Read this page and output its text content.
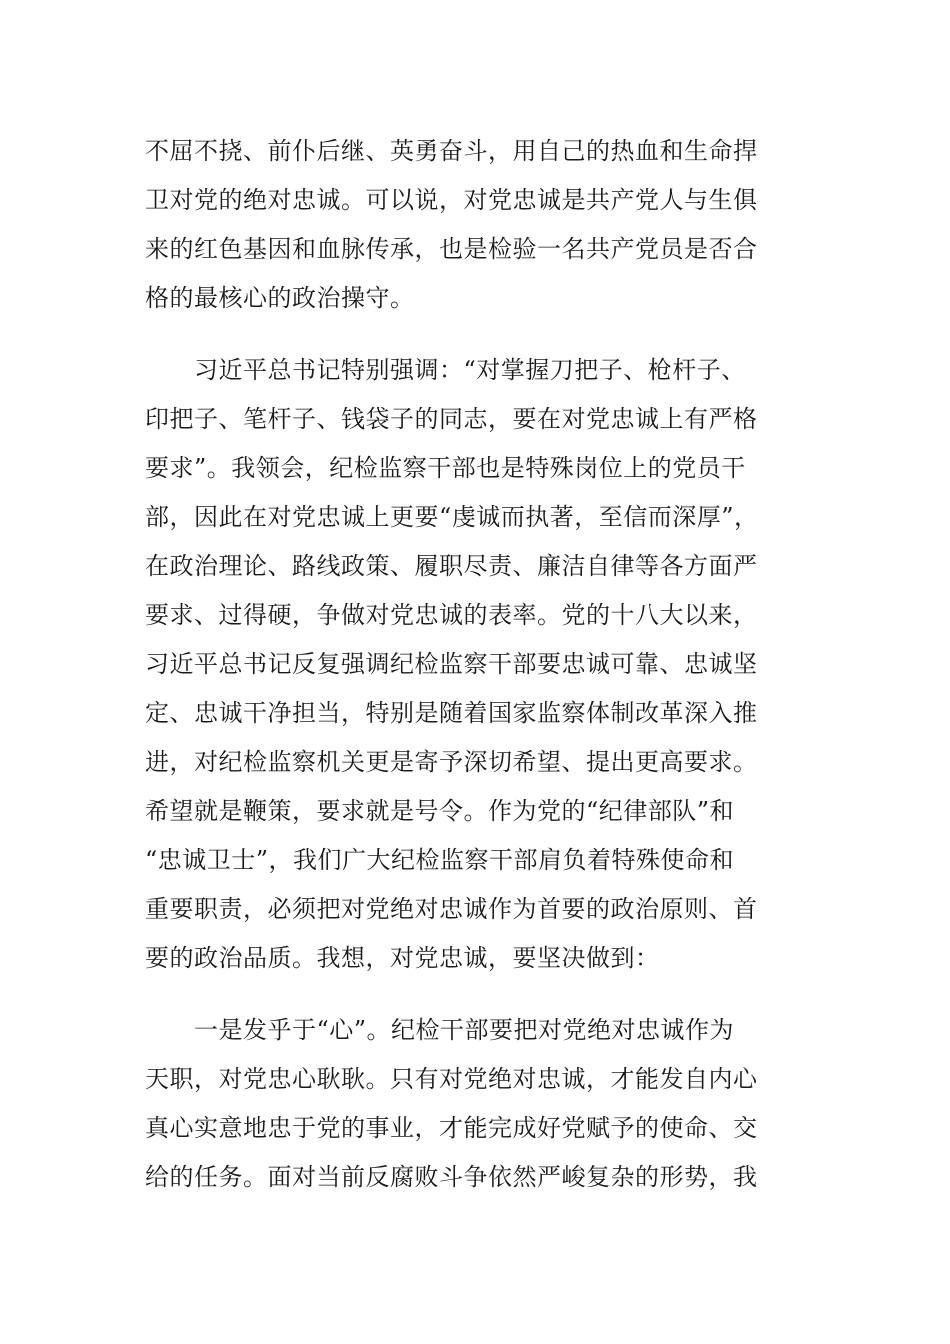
不屈不挠、前仆后继、英勇奋斗，用自己的热血和生命捍
卫对党的绝对忠诚。可以说，对党忠诚是共产党人与生俱
来的红色基因和血脉传承，也是检验一名共产党员是否合
格的最核心的政治操守。

　　习近平总书记特别强调：“对掌握刀把子、枪杆子、
印把子、笔杆子、钱袋子的同志，要在对党忠诚上有严格
要求”。我领会，纪检监察干部也是特殊岗位上的党员干
部，因此在对党忠诚上更要“虔诚而执著，至信而深厚”，
在政治理论、路线政策、履职尽责、廉洁自律等各方面严
要求、过得硬，争做对党忠诚的表率。党的十八大以来，
习近平总书记反复强调纪检监察干部要忠诚可靠、忠诚坚
定、忠诚干净担当，特别是随着国家监察体制改革深入推
进，对纪检监察机关更是寄予深切希望、提出更高要求。
希望就是鞭策，要求就是号令。作为党的“纪律部队”和
“忠诚卫士”，我们广大纪检监察干部肩负着特殊使命和
重要职责，必须把对党绝对忠诚作为首要的政治原则、首
要的政治品质。我想，对党忠诚，要坚决做到：

　　一是发乎于“心”。纪检干部要把对党绝对忠诚作为
天职，对党忠心耿耿。只有对党绝对忠诚，才能发自内心
真心实意地忠于党的事业，才能完成好党赋予的使命、交
给的任务。面对当前反腐败斗争依然严峻复杂的形势，我
